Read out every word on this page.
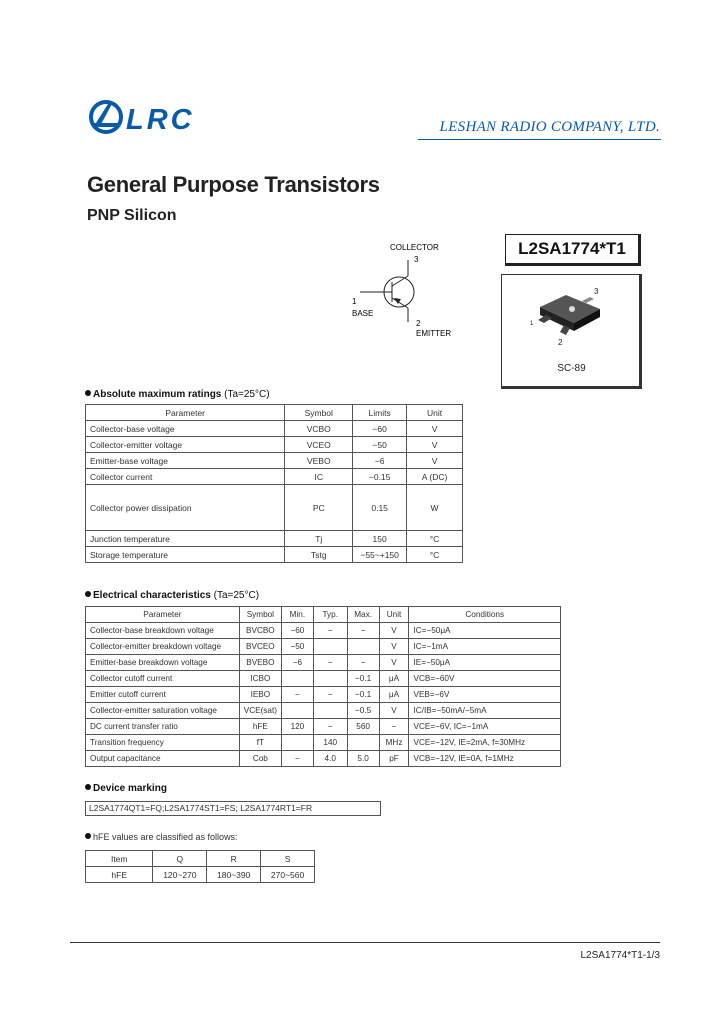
LRC	LESHAN RADIO COMPANY, LTD.
General Purpose Transistors
PNP Silicon
L2SA1774*T1
COLLECTOR
3
1
BASE
2
EMITTER
3
1
2
SC-89
Absolute maximum ratings (Ta=25°C)
Parameter	Symbol	Limits	Unit
Collector-base voltage	VCBO	−60	V
Collector-emitter voltage	VCEO	−50	V
Emitter-base voltage	VEBO	−6	V
Collector current	IC	−0.15	A (DC)
Collector power dissipation	PC	0.15	W
Junction temperature	Tj	150	°C
Storage temperature	Tstg	−55~+150	°C
Electrical characteristics (Ta=25°C)
Parameter	Symbol	Min.	Typ.	Max.	Unit	Conditions
Collector-base breakdown voltage	BVCBO	−60	−	−	V	IC=−50μA
Collector-emitter breakdown voltage	BVCEO	−50			V	IC=−1mA
Emitter-base breakdown voltage	BVEBO	−6	−	−	V	IE=−50μA
Collector cutoff current	ICBO			−0.1	μA	VCB=−60V
Emitter cutoff current	IEBO	−	−	−0.1	μA	VEB=−6V
Collector-emitter saturation voltage	VCE(sat)			−0.5	V	IC/IB=−50mA/−5mA
DC current transfer ratio	hFE	120	−	560	−	VCE=−6V, IC=−1mA
Transition frequency	fT		140		MHz	VCE=−12V, IE=2mA, f=30MHz
Output capacitance	Cob	−	4.0	5.0	pF	VCB=−12V, IE=0A, f=1MHz
Device marking
L2SA1774QT1=FQ;L2SA1774ST1=FS; L2SA1774RT1=FR
hFE values are classified as follows:
Item	Q	R	S
hFE	120~270	180~390	270~560
L2SA1774*T1-1/3
